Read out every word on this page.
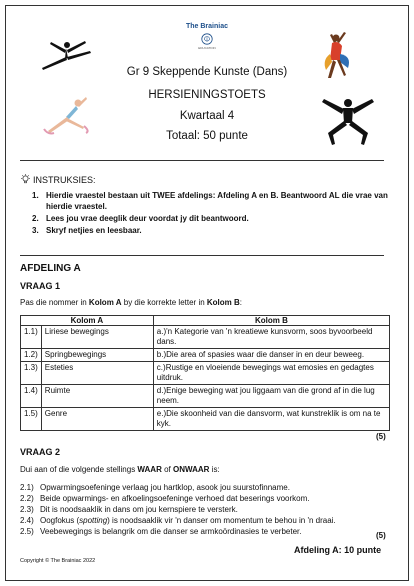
The Brainiac
EDUCATION
Gr 9 Skeppende Kunste (Dans)
HERSIENINGSTOETS
Kwartaal 4
Totaal: 50 punte
INSTRUKSIES:
1. Hierdie vraestel bestaan uit TWEE afdelings: Afdeling A en B. Beantwoord AL die vrae van hierdie vraestel.
2. Lees jou vrae deeglik deur voordat jy dit beantwoord.
3. Skryf netjies en leesbaar.
AFDELING A
VRAAG 1
Pas die nommer in Kolom A by die korrekte letter in Kolom B:
Kolom A		Kolom B
1.1)	Liriese bewegings	a.)'n Kategorie van 'n kreatiewe kunsvorm, soos byvoorbeeld dans.

1.2)	Springbewegings	b.)Die area of spasies waar die danser in en deur beweeg.

1.3)	Esteties	c.)Rustige en vloeiende bewegings wat emosies en gedagtes uitdruk.

1.4)	Ruimte	d.)Enige beweging wat jou liggaam van die grond af in die lug neem.

1.5)	Genre	e.)Die skoonheid van die dansvorm, wat kunstreklik is om na te kyk.
(5)
VRAAG 2
Dui aan of die volgende stellings WAAR of ONWAAR is:
2.1) Opwarmingsoefeninge verlaag jou hartklop, asook jou suurstofinname.
2.2) Beide opwarmings- en afkoelingsoefeninge verhoed dat beserings voorkom.
2.3) Dit is noodsaaklik in dans om jou kernspiere te versterk.
2.4) Oogfokus (spotting) is noodsaaklik vir 'n danser om momentum te behou in 'n draai.
2.5) Veebewegings is belangrik om die danser se armkoördinasies te verbeter.	(5)
Afdeling A: 10 punte
Copyright © The Brainiac 2022
